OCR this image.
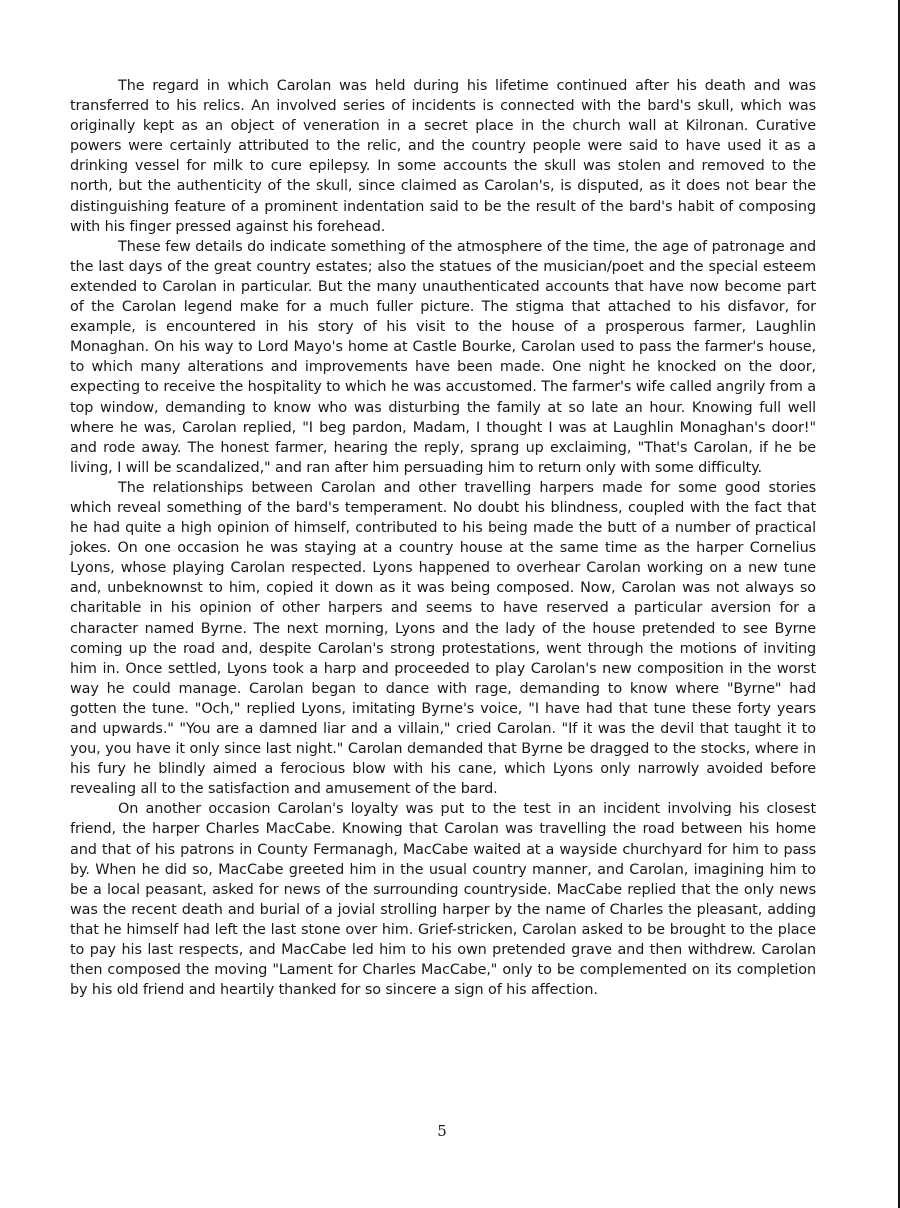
The regard in which Carolan was held during his lifetime continued after his death and was transferred to his relics. An involved series of incidents is connected with the bard's skull, which was originally kept as an object of veneration in a secret place in the church wall at Kilronan. Curative powers were certainly attributed to the relic, and the country people were said to have used it as a drinking vessel for milk to cure epilepsy. In some accounts the skull was stolen and removed to the north, but the authenticity of the skull, since claimed as Carolan's, is disputed, as it does not bear the distinguishing feature of a prominent indentation said to be the result of the bard's habit of composing with his finger pressed against his forehead.

These few details do indicate something of the atmosphere of the time, the age of patronage and the last days of the great country estates; also the statues of the musician/poet and the special esteem extended to Carolan in particular. But the many unauthenticated accounts that have now become part of the Carolan legend make for a much fuller picture. The stigma that attached to his disfavor, for example, is encountered in his story of his visit to the house of a prosperous farmer, Laughlin Monaghan. On his way to Lord Mayo's home at Castle Bourke, Carolan used to pass the farmer's house, to which many alterations and improvements have been made. One night he knocked on the door, expecting to receive the hospitality to which he was accustomed. The farmer's wife called angrily from a top window, demanding to know who was disturbing the family at so late an hour. Knowing full well where he was, Carolan replied, "I beg pardon, Madam, I thought I was at Laughlin Monaghan's door!" and rode away. The honest farmer, hearing the reply, sprang up exclaiming, "That's Carolan, if he be living, I will be scandalized," and ran after him persuading him to return only with some difficulty.

The relationships between Carolan and other travelling harpers made for some good stories which reveal something of the bard's temperament. No doubt his blindness, coupled with the fact that he had quite a high opinion of himself, contributed to his being made the butt of a number of practical jokes. On one occasion he was staying at a country house at the same time as the harper Cornelius Lyons, whose playing Carolan respected. Lyons happened to overhear Carolan working on a new tune and, unbeknownst to him, copied it down as it was being composed. Now, Carolan was not always so charitable in his opinion of other harpers and seems to have reserved a particular aversion for a character named Byrne. The next morning, Lyons and the lady of the house pretended to see Byrne coming up the road and, despite Carolan's strong protestations, went through the motions of inviting him in. Once settled, Lyons took a harp and proceeded to play Carolan's new composition in the worst way he could manage. Carolan began to dance with rage, demanding to know where "Byrne" had gotten the tune. "Och," replied Lyons, imitating Byrne's voice, "I have had that tune these forty years and upwards." "You are a damned liar and a villain," cried Carolan. "If it was the devil that taught it to you, you have it only since last night." Carolan demanded that Byrne be dragged to the stocks, where in his fury he blindly aimed a ferocious blow with his cane, which Lyons only narrowly avoided before revealing all to the satisfaction and amusement of the bard.

On another occasion Carolan's loyalty was put to the test in an incident involving his closest friend, the harper Charles MacCabe. Knowing that Carolan was travelling the road between his home and that of his patrons in County Fermanagh, MacCabe waited at a wayside churchyard for him to pass by. When he did so, MacCabe greeted him in the usual country manner, and Carolan, imagining him to be a local peasant, asked for news of the surrounding countryside. MacCabe replied that the only news was the recent death and burial of a jovial strolling harper by the name of Charles the pleasant, adding that he himself had left the last stone over him. Grief-stricken, Carolan asked to be brought to the place to pay his last respects, and MacCabe led him to his own pretended grave and then withdrew. Carolan then composed the moving "Lament for Charles MacCabe," only to be complemented on its completion by his old friend and heartily thanked for so sincere a sign of his affection.

5
